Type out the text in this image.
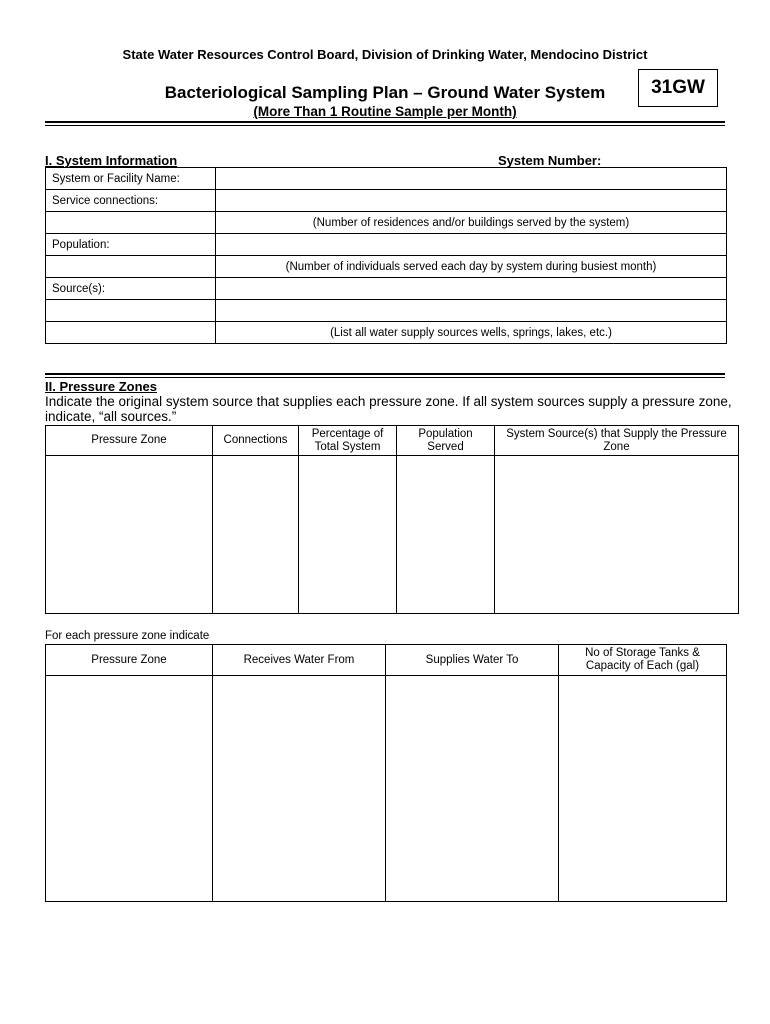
State Water Resources Control Board, Division of Drinking Water, Mendocino District
Bacteriological Sampling Plan – Ground Water System
(More Than 1 Routine Sample per Month)
31GW
I. System Information	System Number:
System or Facility Name:	
Service connections:	
	(Number of residences and/or buildings served by the system)
Population:	
	(Number of individuals served each day by system during busiest month)
Source(s):	

	(List all water supply sources wells, springs, lakes, etc.)
II. Pressure Zones
Indicate the original system source that supplies each pressure zone. If all system sources supply a pressure zone, indicate, “all sources.”
Pressure Zone	Connections	Percentage of Total System	Population Served	System Source(s) that Supply the Pressure Zone

For each pressure zone indicate
Pressure Zone	Receives Water From	Supplies Water To	No of Storage Tanks & Capacity of Each (gal)
